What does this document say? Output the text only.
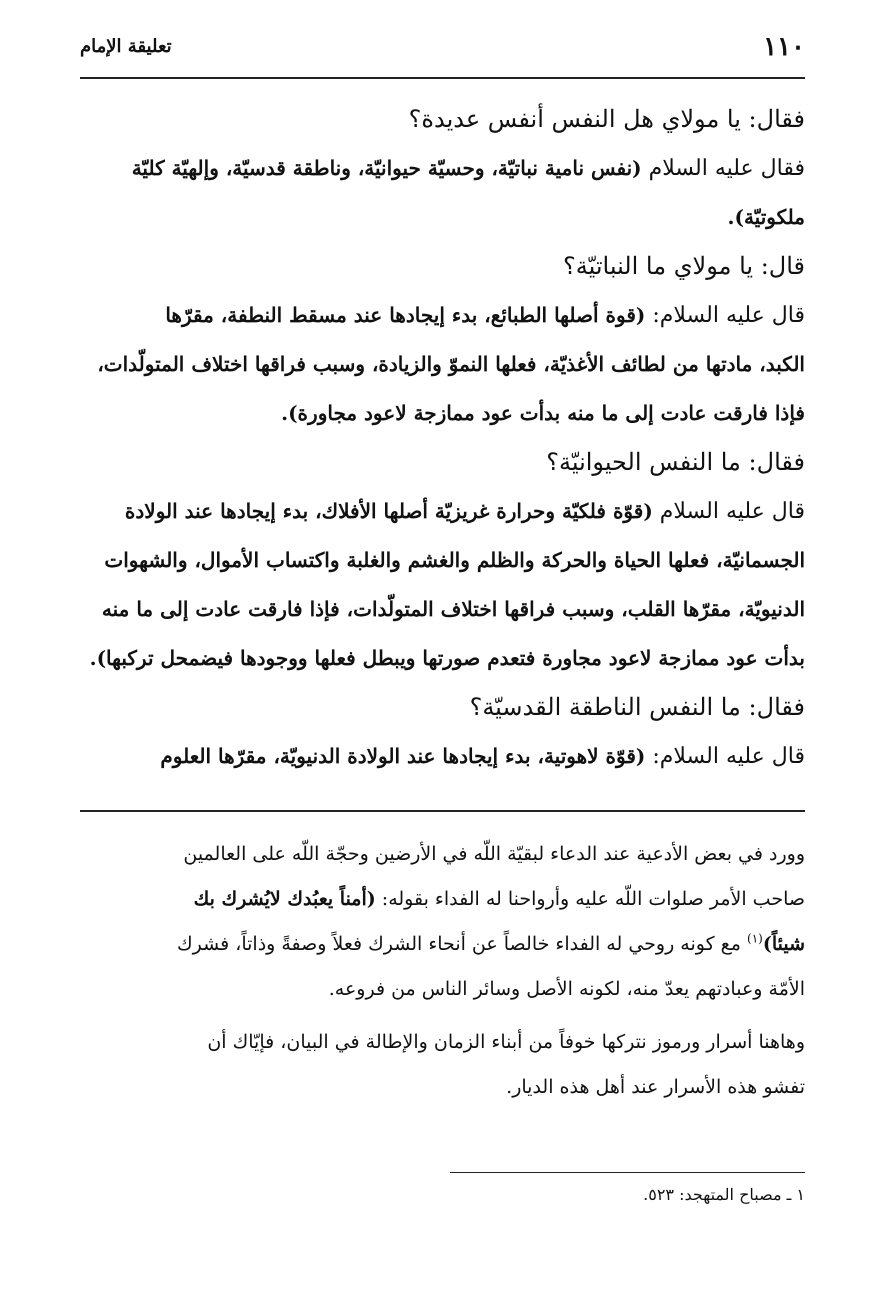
١١٠
تعليقة الإمام

فقال: يا مولاي هل النفس أنفس عديدة؟

فقال عليه السلام (نفس نامية نباتيّة، وحسيّة حيوانيّة، وناطقة قدسيّة، وإلهيّة كليّة

ملكوتيّة).

قال: يا مولاي ما النباتيّة؟

قال عليه السلام: (قوة أصلها الطبائع، بدء إيجادها عند مسقط النطفة، مقرّها

الكبد، مادتها من لطائف الأغذيّة، فعلها النموّ والزيادة، وسبب فراقها اختلاف المتولّدات،

فإذا فارقت عادت إلى ما منه بدأت عود ممازجة لاعود مجاورة).

فقال: ما النفس الحيوانيّة؟

قال عليه السلام (قوّة فلكيّة وحرارة غريزيّة أصلها الأفلاك، بدء إيجادها عند الولادة

الجسمانيّة، فعلها الحياة والحركة والظلم والغشم والغلبة واكتساب الأموال، والشهوات

الدنيويّة، مقرّها القلب، وسبب فراقها اختلاف المتولّدات، فإذا فارقت عادت إلى ما منه

بدأت عود ممازجة لاعود مجاورة فتعدم صورتها ويبطل فعلها ووجودها فيضمحل تركبها).

فقال: ما النفس الناطقة القدسيّة؟

قال عليه السلام: (قوّة لاهوتية، بدء إيجادها عند الولادة الدنيويّة، مقرّها العلوم

وورد في بعض الأدعية عند الدعاء لبقيّة اللّه في الأرضين وحجّة اللّه على العالمين

صاحب الأمر صلوات اللّه عليه وأرواحنا له الفداء بقوله: (أمناً يعبُدك لايُشرك بك

شيئاً)$^{(١)}$ مع كونه روحي له الفداء خالصاً عن أنحاء الشرك فعلاً وصفةً وذاتاً، فشرك

الأمّة وعبادتهم يعدّ منه، لكونه الأصل وسائر الناس من فروعه.

وهاهنا أسرار ورموز نتركها خوفاً من أبناء الزمان والإطالة في البيان، فإيّاك أن

تفشو هذه الأسرار عند أهل هذه الديار.

١ ـ مصباح المتهجد: ٥٢٣.
